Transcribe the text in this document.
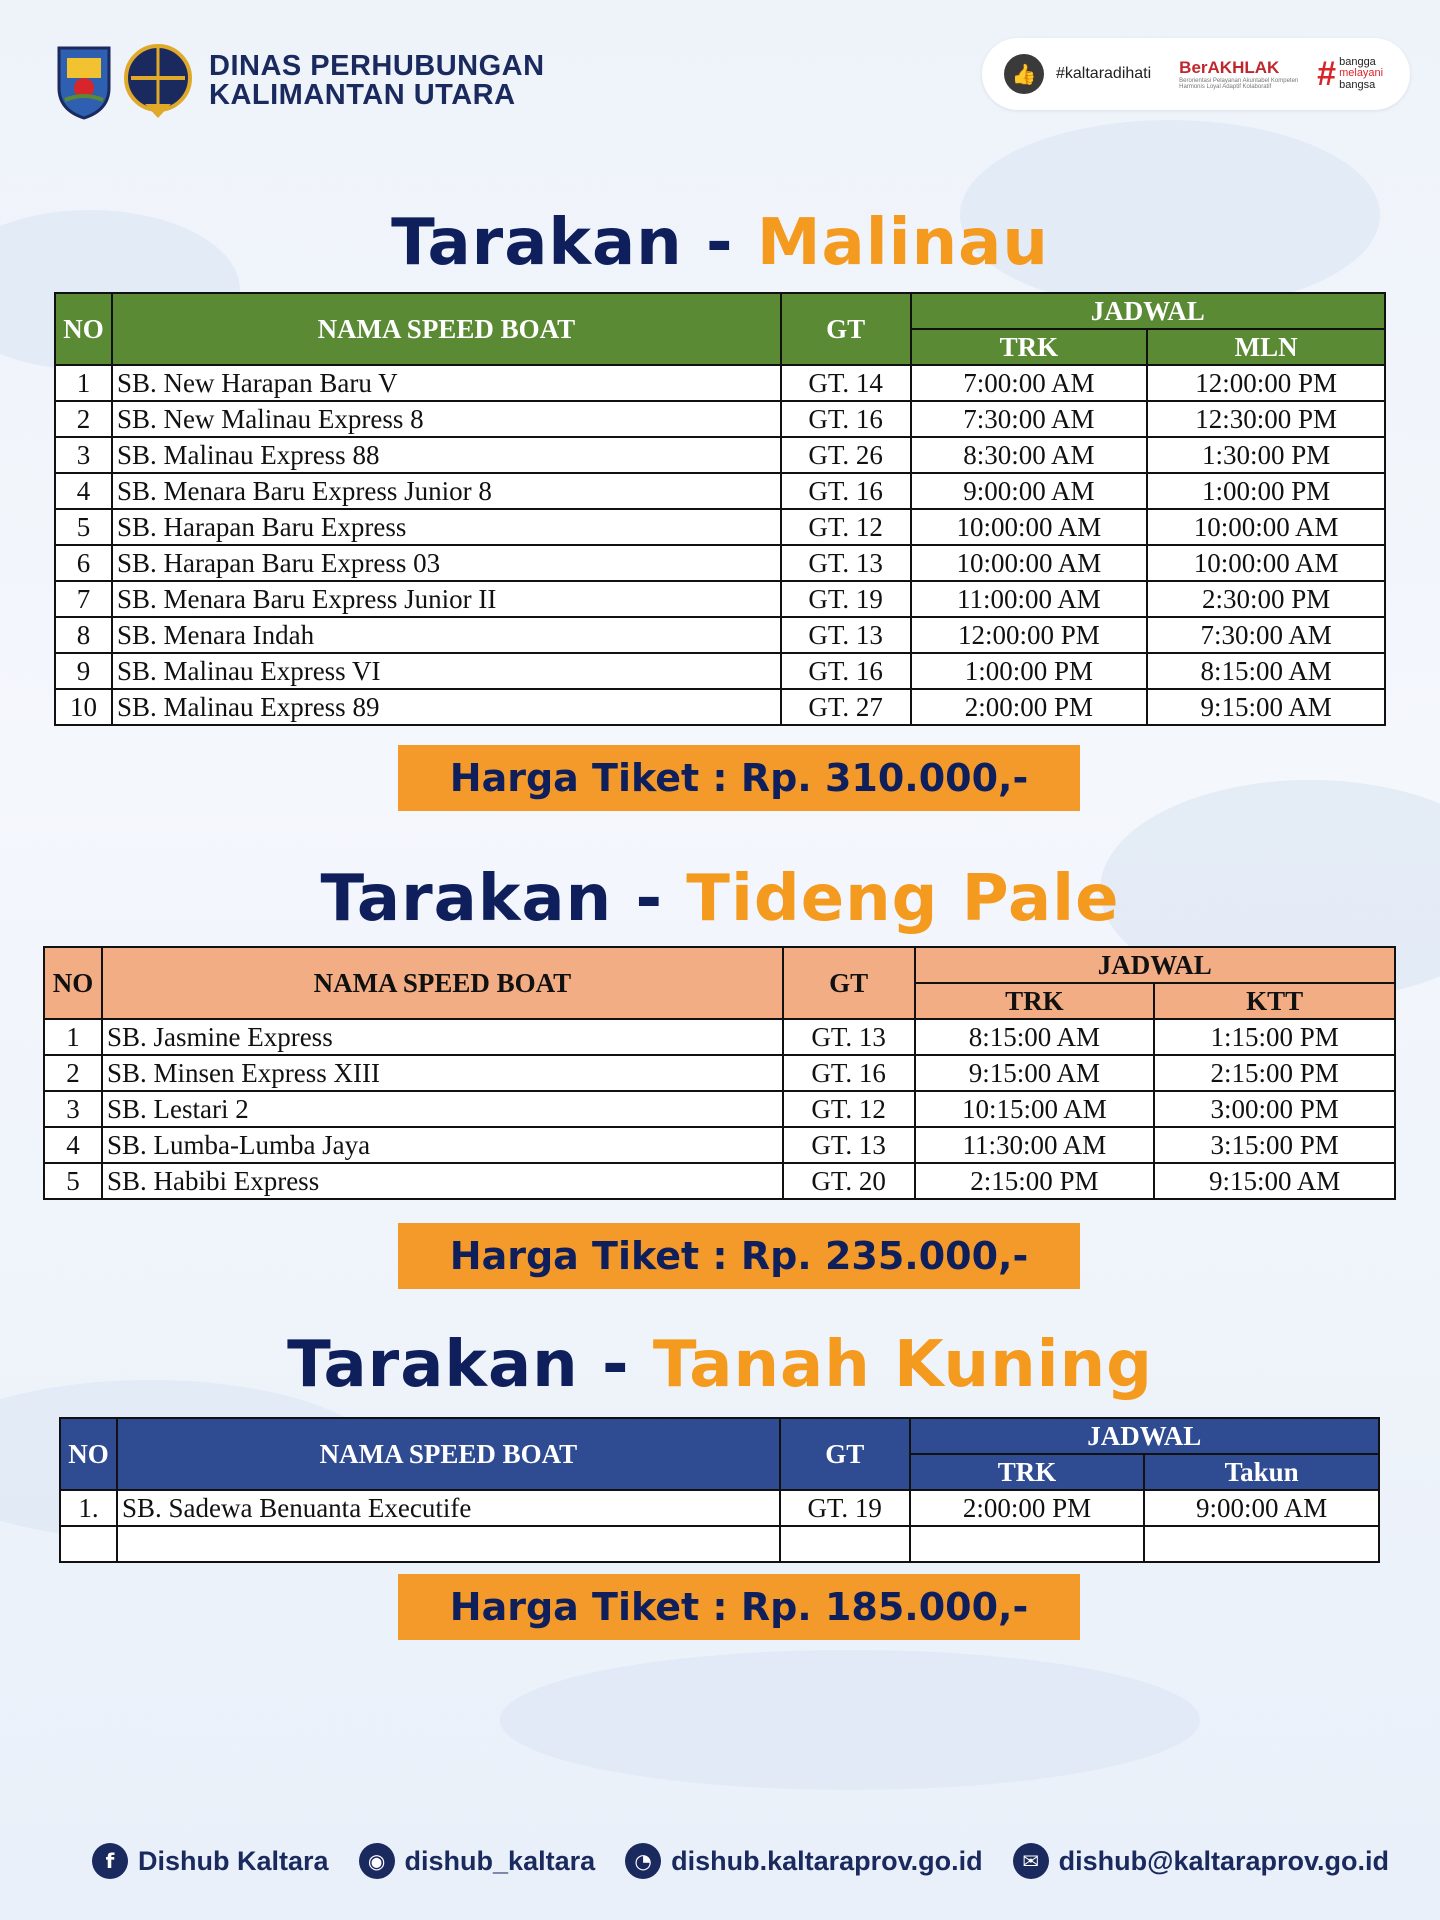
DINAS PERHUBUNGAN
KALIMANTAN UTARA
👍	#kaltaradihati BerAKHLAK
Berorientasi Pelayanan Akuntabel Kompeten Harmonis Loyal Adaptif Kolaboratif	# bangga
melayani
bangsa
Tarakan - Malinau
NO	NAMA SPEED BOAT	GT	JADWAL	
			TRK	MLN
1	SB. New Harapan Baru V	GT. 14	7:00:00 AM	12:00:00 PM
2	SB. New Malinau Express 8	GT. 16	7:30:00 AM	12:30:00 PM
3	SB. Malinau Express 88	GT. 26	8:30:00 AM	1:30:00 PM
4	SB. Menara Baru Express Junior 8	GT. 16	9:00:00 AM	1:00:00 PM
5	SB. Harapan Baru Express	GT. 12	10:00:00 AM	10:00:00 AM
6	SB. Harapan Baru Express 03	GT. 13	10:00:00 AM	10:00:00 AM
7	SB. Menara Baru Express Junior II	GT. 19	11:00:00 AM	2:30:00 PM
8	SB. Menara Indah	GT. 13	12:00:00 PM	7:30:00 AM
9	SB. Malinau Express VI	GT. 16	1:00:00 PM	8:15:00 AM
10	SB. Malinau Express 89	GT. 27	2:00:00 PM	9:15:00 AM
Harga Tiket : Rp. 310.000,-
Tarakan - Tideng Pale
NO	NAMA SPEED BOAT	GT	JADWAL	
			TRK	KTT
1	SB. Jasmine Express	GT. 13	8:15:00 AM	1:15:00 PM
2	SB. Minsen Express XIII	GT. 16	9:15:00 AM	2:15:00 PM
3	SB. Lestari 2	GT. 12	10:15:00 AM	3:00:00 PM
4	SB. Lumba-Lumba Jaya	GT. 13	11:30:00 AM	3:15:00 PM
5	SB. Habibi Express	GT. 20	2:15:00 PM	9:15:00 AM
Harga Tiket : Rp. 235.000,-
Tarakan - Tanah Kuning
NO	NAMA SPEED BOAT	GT	JADWAL	
			TRK	Takun
1.	SB. Sadewa Benuanta Executife	GT. 19	2:00:00 PM	9:00:00 AM

Harga Tiket : Rp. 185.000,-
f Dishub Kaltara	◉ dishub_kaltara	◔ dishub.kaltaraprov.go.id	✉ dishub@kaltaraprov.go.id
